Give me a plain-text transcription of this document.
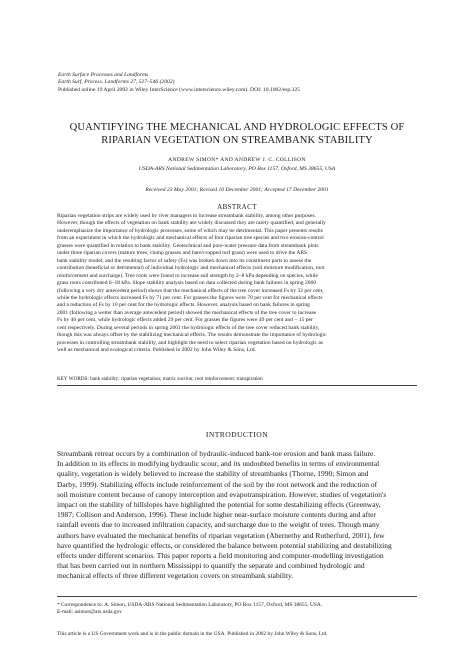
Earth Surface Processes and Landforms
Earth Surf. Process. Landforms 27, 527–546 (2002)
Published online 19 April 2002 in Wiley InterScience (www.interscience.wiley.com). DOI: 10.1002/esp.325
QUANTIFYING THE MECHANICAL AND HYDROLOGIC EFFECTS OF
RIPARIAN VEGETATION ON STREAMBANK STABILITY
ANDREW SIMON* AND ANDREW J. C. COLLISON
USDA-ARS National Sedimentation Laboratory, PO Box 1157, Oxford, MS 38655, USA
Received 23 May 2001; Revised 10 December 2001; Accepted 17 December 2001
ABSTRACT
Riparian vegetation strips are widely used by river managers to increase streambank stability, among other purposes.
However, though the effects of vegetation on bank stability are widely discussed they are rarely quantified, and generally
underemphasize the importance of hydrologic processes, some of which may be detrimental. This paper presents results
from an experiment in which the hydrologic and mechanical effects of four riparian tree species and two erosion-control
grasses were quantified in relation to bank stability. Geotechnical and pore-water pressure data from streambank plots
under three riparian covers (mature trees, clump grasses and bare/cropped turf grass) were used to drive the ARS
bank stability model, and the resulting factor of safety (Fs) was broken down into its constituent parts to assess the
contribution (beneficial or detrimental) of individual hydrologic and mechanical effects (soil moisture modification, root
reinforcement and surcharge). Tree roots were found to increase soil strength by 2–8 kPa depending on species, while
grass roots contributed 6–18 kPa. Slope stability analysis based on data collected during bank failures in spring 2000
(following a very dry antecedent period) shows that the mechanical effects of the tree cover increased Fs by 32 per cent,
while the hydrologic effects increased Fs by 71 per cent. For grasses the figures were 70 per cent for mechanical effects
and a reduction of Fs by 10 per cent for the hydrologic effects. However, analysis based on bank failures in spring
2001 (following a wetter than average antecedent period) showed the mechanical effects of the tree cover to increase
Fs by 46 per cent, while hydrologic effects added 29 per cent. For grasses the figures were 49 per cent and − 15 per
cent respectively. During several periods in spring 2001 the hydrologic effects of the tree cover reduced bank stability,
though this was always offset by the stabilizing mechanical effects. The results demonstrate the importance of hydrologic
processes in controlling streambank stability, and highlight the need to select riparian vegetation based on hydrologic as
well as mechanical and ecological criteria. Published in 2002 by John Wiley & Sons, Ltd.
KEY WORDS: bank stability; riparian vegetation; matric suction; root reinforcement; transpiration
INTRODUCTION
Streambank retreat occurs by a combination of hydraulic-induced bank-toe erosion and bank mass failure.
In addition to its effects in modifying hydraulic scour, and its undoubted benefits in terms of environmental
quality, vegetation is widely believed to increase the stability of streambanks (Thorne, 1990; Simon and
Darby, 1999). Stabilizing effects include reinforcement of the soil by the root network and the reduction of
soil moisture content because of canopy interception and evapotranspiration. However, studies of vegetation's
impact on the stability of hillslopes have highlighted the potential for some destabilizing effects (Greenway,
1987; Collison and Anderson, 1996). These include higher near-surface moisture contents during and after
rainfall events due to increased infiltration capacity, and surcharge due to the weight of trees. Though many
authors have evaluated the mechanical benefits of riparian vegetation (Abernethy and Rutherfurd, 2001), few
have quantified the hydrologic effects, or considered the balance between potential stabilizing and destabilizing
effects under different scenarios. This paper reports a field monitoring and computer-modelling investigation
that has been carried out in northern Mississippi to quantify the separate and combined hydrologic and
mechanical effects of three different vegetation covers on streambank stability.
* Correspondence to: A. Simon, USDA-ARS National Sedimentation Laboratory, PO Box 1157, Oxford, MS 38655, USA.
E-mail: asimon@ars.usda.gov
This article is a US Government work and is in the public domain in the USA. Published in 2002 by John Wiley & Sons, Ltd.
